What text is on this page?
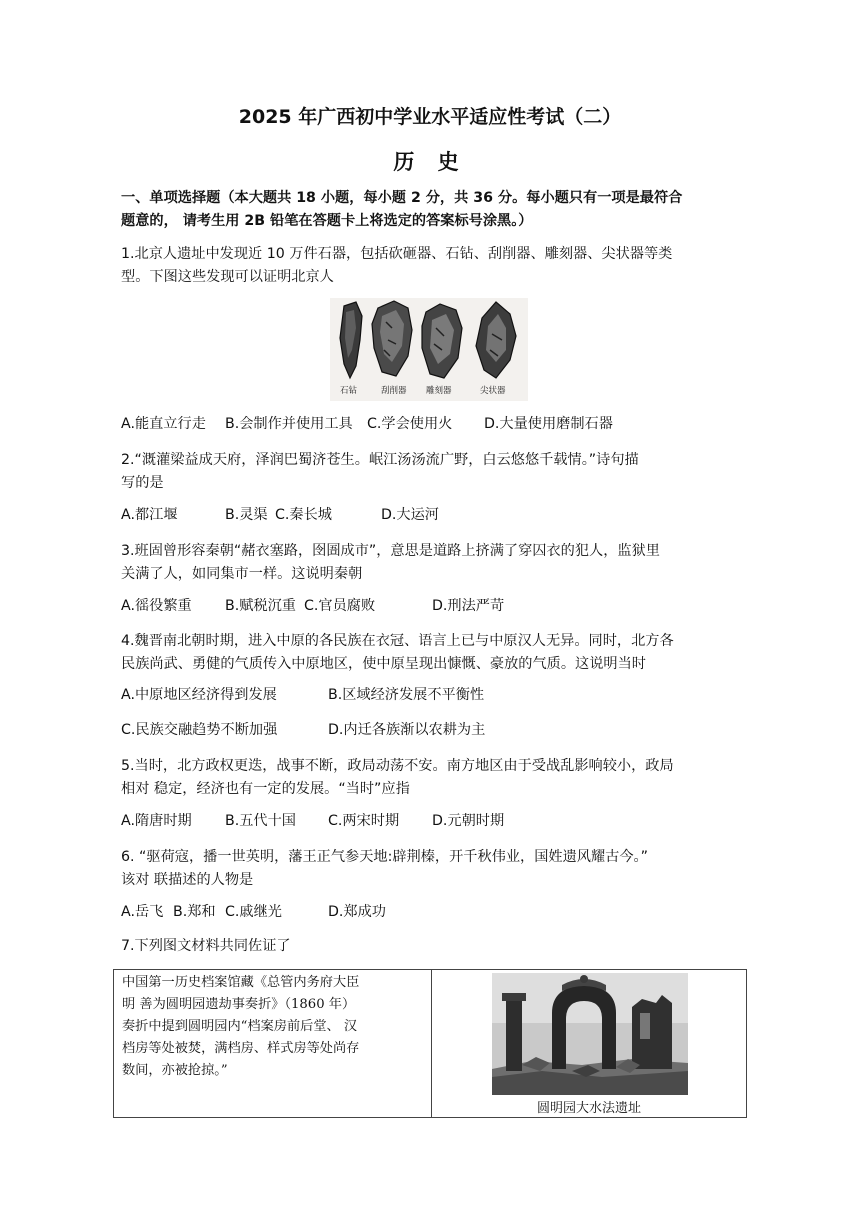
2025 年广西初中学业水平适应性考试（二）
历 史
一、单项选择题（本大题共 18 小题，每小题 2 分，共 36 分。每小题只有一项是最符合
题意的， 请考生用 2B 铅笔在答题卡上将选定的答案标号涂黑。）
1.北京人遗址中发现近 10 万件石器，包括砍砸器、石钻、刮削器、雕刻器、尖状器等类
型。下图这些发现可以证明北京人
石钻	刮削器 雕刻器	尖状器
A.能直立行走 B.会制作并使用工具 C.学会使用火 D.大量使用磨制石器
2.“溉灌梁益成天府，泽润巴蜀济苍生。岷江汤汤流广野，白云悠悠千载情。”诗句描
写的是
A.都江堰	B.灵渠 C.秦长城	D.大运河
3.班固曾形容秦朝“赭衣塞路，囹圄成市”，意思是道路上挤满了穿囚衣的犯人，监狱里
关满了人，如同集市一样。这说明秦朝
A.徭役繁重 B.赋税沉重 C.官员腐败	D.刑法严苛
4.魏晋南北朝时期，进入中原的各民族在衣冠、语言上已与中原汉人无异。同时，北方各
民族尚武、勇健的气质传入中原地区，使中原呈现出慷慨、豪放的气质。这说明当时
A.中原地区经济得到发展	B.区域经济发展不平衡性
C.民族交融趋势不断加强	D.内迁各族渐以农耕为主
5.当时，北方政权更迭，战事不断，政局动荡不安。南方地区由于受战乱影响较小，政局
相对 稳定，经济也有一定的发展。“当时”应指
A.隋唐时期 B.五代十国 C.两宋时期 D.元朝时期
6. “驱荷寇，播一世英明，藩王正气参天地:辟荆榛，开千秋伟业，国姓遗风耀古今。”
该对 联描述的人物是
A.岳飞 B.郑和 C.戚继光	D.郑成功
7.下列图文材料共同佐证了
中国第一历史档案馆藏《总管内务府大臣
明 善为圆明园遗劫事奏折》（1860 年）
奏折中提到圆明园内“档案房前后堂、 汉
档房等处被焚，满档房、样式房等处尚存
数间，亦被抢掠。”

圆明园大水法遗址
